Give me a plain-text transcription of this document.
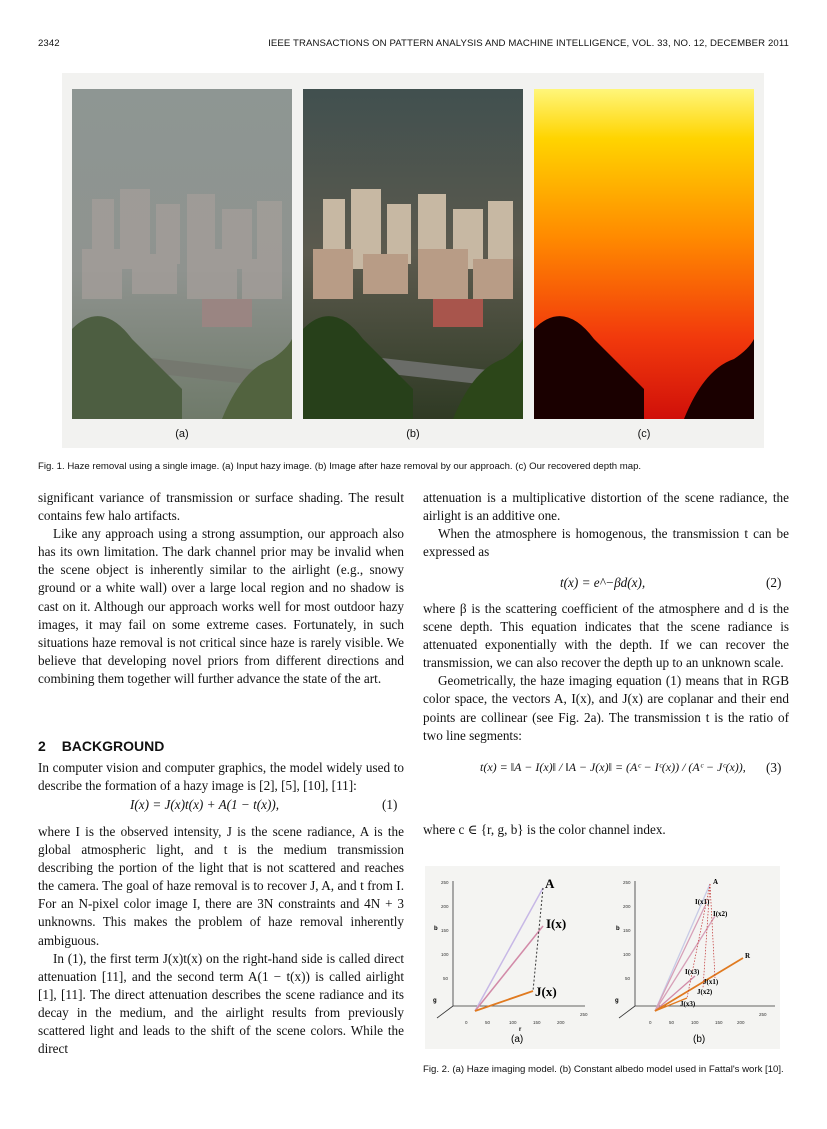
2342	IEEE TRANSACTIONS ON PATTERN ANALYSIS AND MACHINE INTELLIGENCE, VOL. 33, NO. 12, DECEMBER 2011
(a)	(b)	(c)
Fig. 1. Haze removal using a single image. (a) Input hazy image. (b) Image after haze removal by our approach. (c) Our recovered depth map.

significant variance of transmission or surface shading. The result contains few halo artifacts.

Like any approach using a strong assumption, our approach also has its own limitation. The dark channel prior may be invalid when the scene object is inherently similar to the airlight (e.g., snowy ground or a white wall) over a large local region and no shadow is cast on it. Although our approach works well for most outdoor hazy images, it may fail on some extreme cases. Fortunately, in such situations haze removal is not critical since haze is rarely visible. We believe that developing novel priors from different directions and combining them together will further advance the state of the art.

2 BACKGROUND

In computer vision and computer graphics, the model widely used to describe the formation of a hazy image is [2], [5], [10], [11]:

I(x) = J(x)t(x) + A(1 − t(x)),	(1)

where I is the observed intensity, J is the scene radiance, A is the global atmospheric light, and t is the medium transmission describing the portion of the light that is not scattered and reaches the camera. The goal of haze removal is to recover J, A, and t from I. For an N-pixel color image I, there are 3N constraints and 4N + 3 unknowns. This makes the problem of haze removal inherently ambiguous.

In (1), the first term J(x)t(x) on the right-hand side is called direct attenuation [11], and the second term A(1 − t(x)) is called airlight [1], [11]. The direct attenuation describes the scene radiance and its decay in the medium, and the airlight results from previously scattered light and leads to the shift of the scene colors. While the direct

attenuation is a multiplicative distortion of the scene radiance, the airlight is an additive one.

When the atmosphere is homogenous, the transmission t can be expressed as

t(x) = e^−βd(x),	(2)

where β is the scattering coefficient of the atmosphere and d is the scene depth. This equation indicates that the scene radiance is attenuated exponentially with the depth. If we can recover the transmission, we can also recover the depth up to an unknown scale.

Geometrically, the haze imaging equation (1) means that in RGB color space, the vectors A, I(x), and J(x) are coplanar and their end points are collinear (see Fig. 2a). The transmission t is the ratio of two line segments:

t(x) = ‖A − I(x)‖ / ‖A − J(x)‖ = (Aᶜ − Iᶜ(x)) / (Aᶜ − Jᶜ(x)), (3)

where c ∈ {r, g, b} is the color channel index.

250
200
150
100
50
0	50	100	150	200
250
b
g
r
A
I(x)
J(x)
(a)
250
200
150
100
50
0	50	100	150	200
250
b
g
A
I(x1)
I(x2)
I(x3)
R
J(x1)
J(x2)
J(x3)
(b)
Fig. 2. (a) Haze imaging model. (b) Constant albedo model used in Fattal's work [10].
